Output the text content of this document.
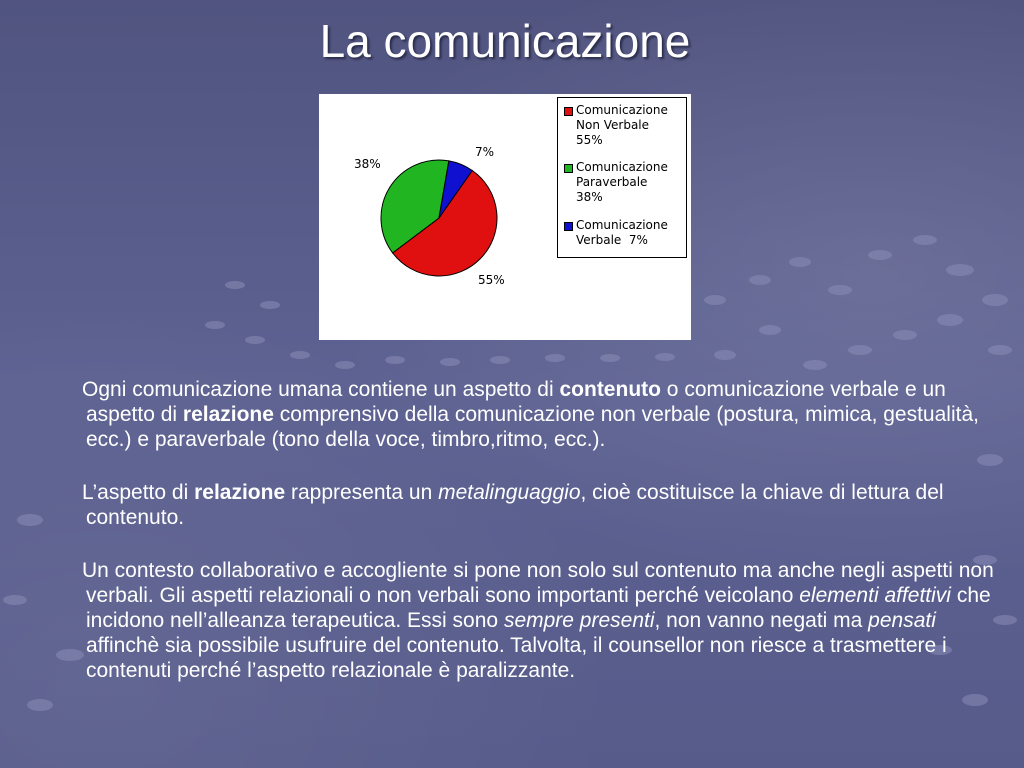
La comunicazione
Comunicazione
Non Verbale
55%
Comunicazione
Paraverbale
38%
Comunicazione
Verbale  7%
38%
7%
55%

Ogni comunicazione umana contiene un aspetto di contenuto o comunicazione verbale e un aspetto di relazione comprensivo della comunicazione non verbale (postura, mimica, gestualità, ecc.) e paraverbale (tono della voce, timbro,ritmo, ecc.).

L’aspetto di relazione rappresenta un metalinguaggio, cioè costituisce la chiave di lettura del contenuto.

Un contesto collaborativo e accogliente si pone non solo sul contenuto ma anche negli aspetti non verbali. Gli aspetti relazionali o non verbali sono importanti perché veicolano elementi affettivi che incidono nell’alleanza terapeutica. Essi sono sempre presenti, non vanno negati ma pensati affinchè sia possibile usufruire del contenuto. Talvolta, il counsellor non riesce a trasmettere i contenuti perché l’aspetto relazionale è paralizzante.
